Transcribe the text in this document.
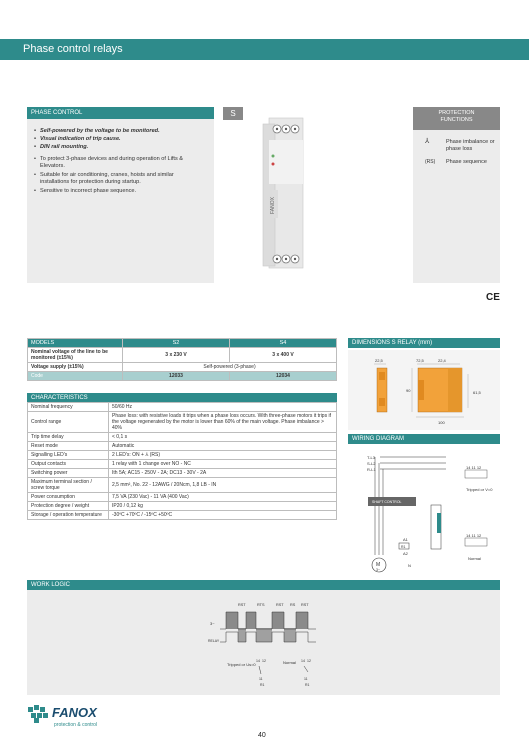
Phase control relays
PHASE CONTROL
• Self-powered by the voltage to be monitored.
• Visual indication of trip cause.
• DIN rail mounting.
• To protect 3-phase devices and during operation of Lifts & Elevators.
• Suitable for air conditioning, cranes, hoists and similar installations for protection during startup.
• Sensitive to incorrect phase sequence.
S
FANOX
PROTECTION
FUNCTIONS
⅄	Phase imbalance or phase loss
(RS) Phase sequence
CE
MODELS	S2	S4
Nominal voltage of the line to be monitored (±15%)	3 x 230 V	3 x 400 V
Voltage supply (±15%)	Self-powered (3-phase)	
Code	12033	12034
CHARACTERISTICS
Nominal frequency	50/60 Hz
Control range	Phase loss: with resistive loads it trips when a phase loss occurs. With three-phase motors it trips if the voltage regenerated by the motor is lower than 60% of the main voltage. Phase imbalance > 40%
Trip time delay	< 0,1 s
Reset mode	Automatic
Signalling LED's	2 LED's: ON + ⅄ (RS)
Output contacts	1 relay with 1 change over NO - NC
Switching power	Ith 5A; AC15 - 250V - 2A; DC13 - 30V - 2A
Maximum terminal section / screw torque	2,5 mm², No. 22 - 12AWG / 20Ncm, 1,8 LB - IN
Power consumption	7,5 VA (230 Vac) - 11 VA (400 Vac)
Protection degree / weight	IP20 / 0,12 kg
Storage / operation temperature	-30ºC +70ºC / -15ºC +50ºC
DIMENSIONS S RELAY (mm)
22,5	72,5	22,4
90	61,5
100
WIRING DIAGRAM
T-L3
S-L2
R-L1
SHAFT CONTROL
A1
R1
A2
N
M
3~
14 11 12
Tripped or V=0
14 11 12
Normal
WORK LOGIC
RST	RTS	RST RS RST
3~
RELAY
Tripped or Us=0
14 12
11
R1
Normal 14 12
11
R1
FANOX
protection & control
40
